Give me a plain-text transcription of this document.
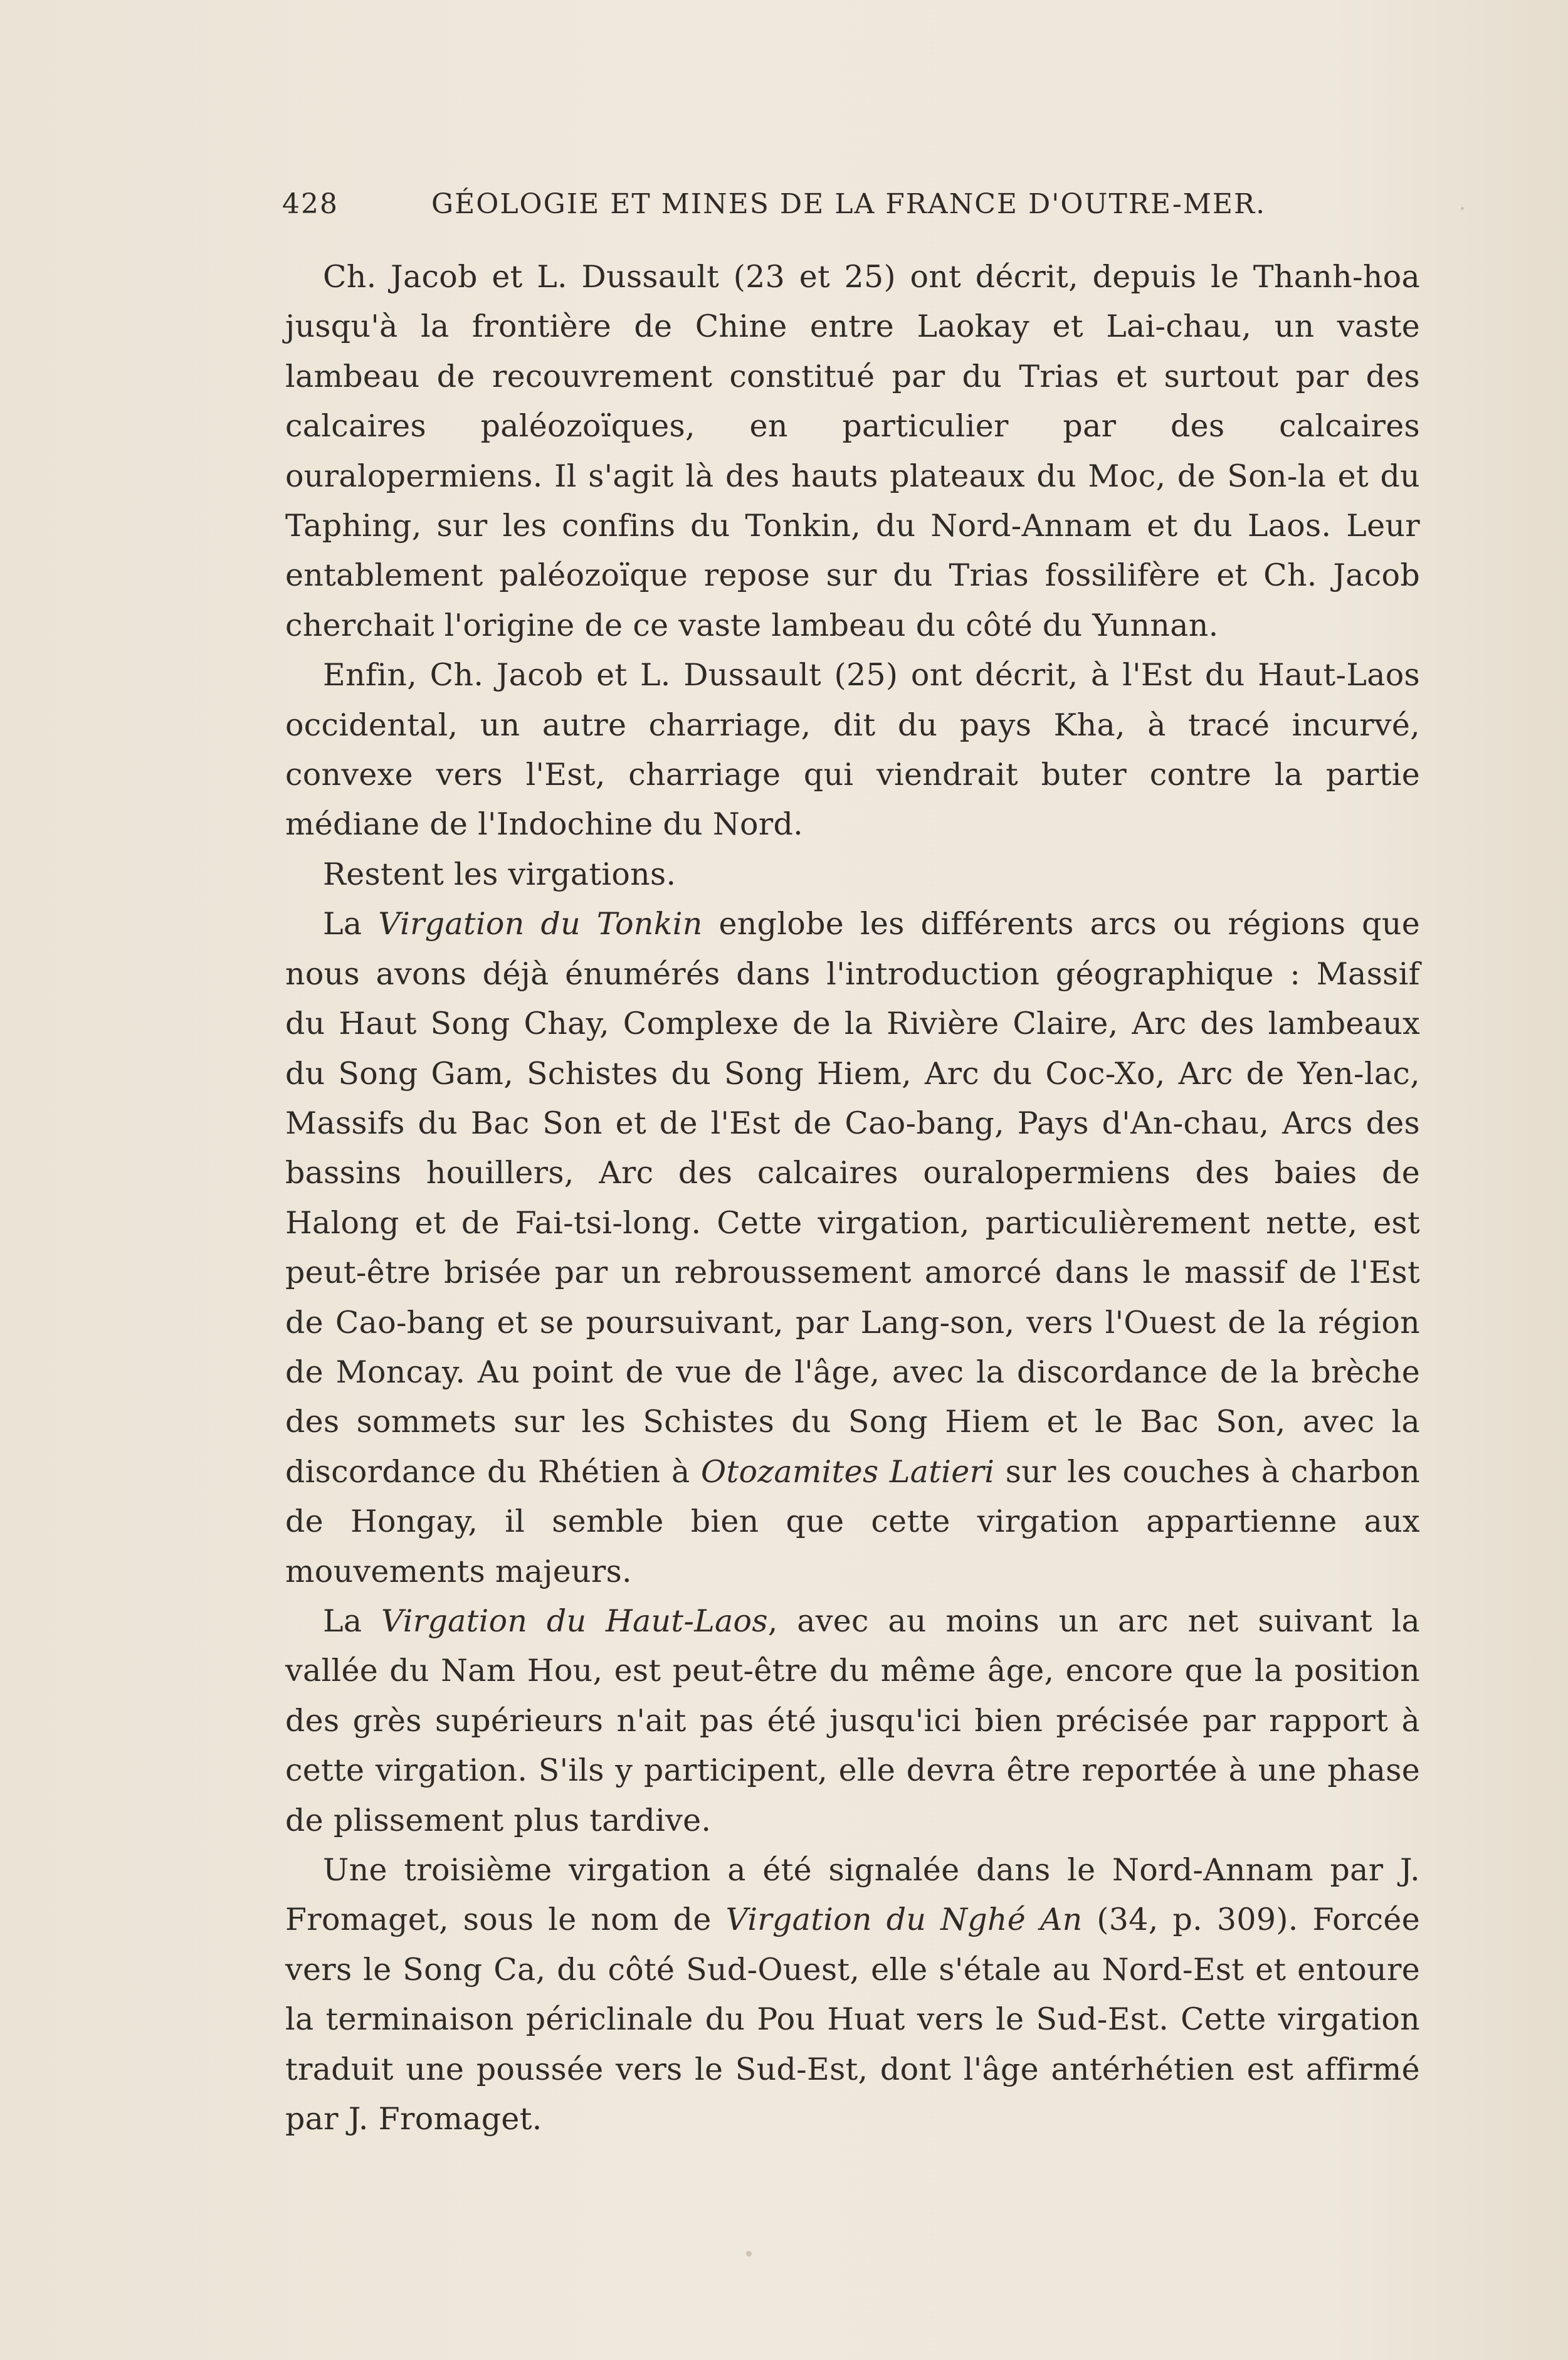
428	GÉOLOGIE ET MINES DE LA FRANCE D'OUTRE-MER.

Ch. Jacob et L. Dussault (23 et 25) ont décrit, depuis le Thanh-hoa jusqu'à la frontière de Chine entre Laokay et Lai-chau, un vaste lambeau de recouvrement constitué par du Trias et surtout par des calcaires paléozoïques, en particulier par des calcaires ouralopermiens. Il s'agit là des hauts plateaux du Moc, de Son-la et du Taphing, sur les confins du Tonkin, du Nord-Annam et du Laos. Leur entablement paléozoïque repose sur du Trias fossilifère et Ch. Jacob cherchait l'origine de ce vaste lambeau du côté du Yunnan.

Enfin, Ch. Jacob et L. Dussault (25) ont décrit, à l'Est du Haut-Laos occidental, un autre charriage, dit du pays Kha, à tracé incurvé, convexe vers l'Est, charriage qui viendrait buter contre la partie médiane de l'Indochine du Nord.

Restent les virgations.

La Virgation du Tonkin englobe les différents arcs ou régions que nous avons déjà énumérés dans l'introduction géographique : Massif du Haut Song Chay, Complexe de la Rivière Claire, Arc des lambeaux du Song Gam, Schistes du Song Hiem, Arc du Coc-Xo, Arc de Yen-lac, Massifs du Bac Son et de l'Est de Cao-bang, Pays d'An-chau, Arcs des bassins houillers, Arc des calcaires ouralopermiens des baies de Halong et de Fai-tsi-long. Cette virgation, particulièrement nette, est peut-être brisée par un rebroussement amorcé dans le massif de l'Est de Cao-bang et se poursuivant, par Lang-son, vers l'Ouest de la région de Moncay. Au point de vue de l'âge, avec la discordance de la brèche des sommets sur les Schistes du Song Hiem et le Bac Son, avec la discordance du Rhétien à Otozamites Latieri sur les couches à charbon de Hongay, il semble bien que cette virgation appartienne aux mouvements majeurs.

La Virgation du Haut-Laos, avec au moins un arc net suivant la vallée du Nam Hou, est peut-être du même âge, encore que la position des grès supérieurs n'ait pas été jusqu'ici bien précisée par rapport à cette virgation. S'ils y participent, elle devra être reportée à une phase de plissement plus tardive.

Une troisième virgation a été signalée dans le Nord-Annam par J. Fromaget, sous le nom de Virgation du Nghé An (34, p. 309). Forcée vers le Song Ca, du côté Sud-Ouest, elle s'étale au Nord-Est et entoure la terminaison périclinale du Pou Huat vers le Sud-Est. Cette virgation traduit une poussée vers le Sud-Est, dont l'âge antérhétien est affirmé par J. Fromaget.
